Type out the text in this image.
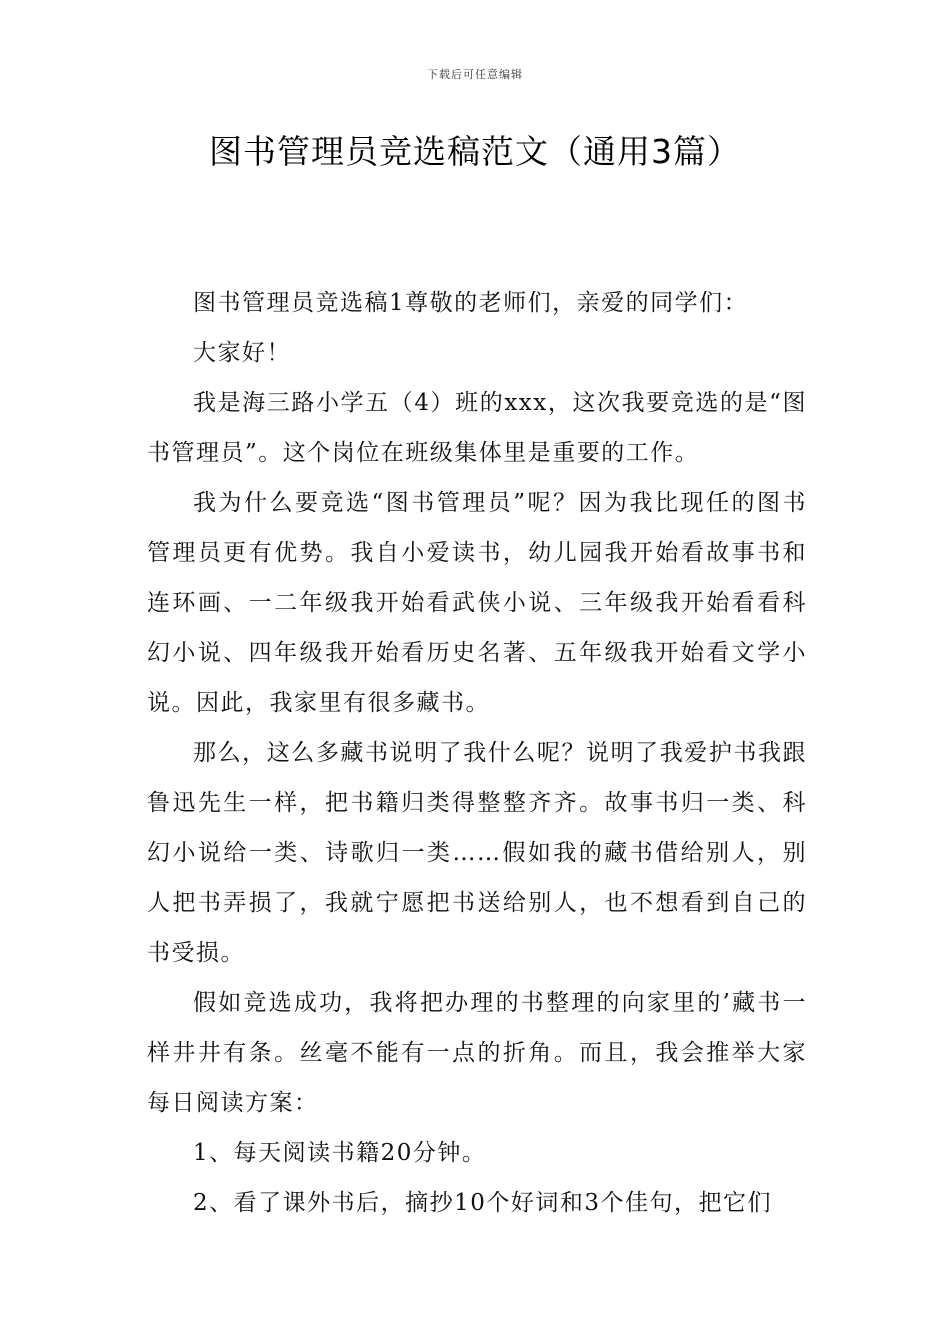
下载后可任意编辑
图书管理员竞选稿范文（通用3篇）

图书管理员竞选稿1尊敬的老师们，亲爱的同学们：

大家好！

我是海三路小学五（4）班的xxx，这次我要竞选的是“图书管理员”。这个岗位在班级集体里是重要的工作。

我为什么要竞选“图书管理员”呢？因为我比现任的图书管理员更有优势。我自小爱读书，幼儿园我开始看故事书和连环画、一二年级我开始看武侠小说、三年级我开始看看科幻小说、四年级我开始看历史名著、五年级我开始看文学小说。因此，我家里有很多藏书。

那么，这么多藏书说明了我什么呢？说明了我爱护书我跟鲁迅先生一样，把书籍归类得整整齐齐。故事书归一类、科幻小说给一类、诗歌归一类……假如我的藏书借给别人，别人把书弄损了，我就宁愿把书送给别人，也不想看到自己的书受损。

假如竞选成功，我将把办理的书整理的向家里的’藏书一样井井有条。丝毫不能有一点的折角。而且，我会推举大家每日阅读方案：

1、每天阅读书籍20分钟。

2、看了课外书后，摘抄10个好词和3个佳句，把它们
